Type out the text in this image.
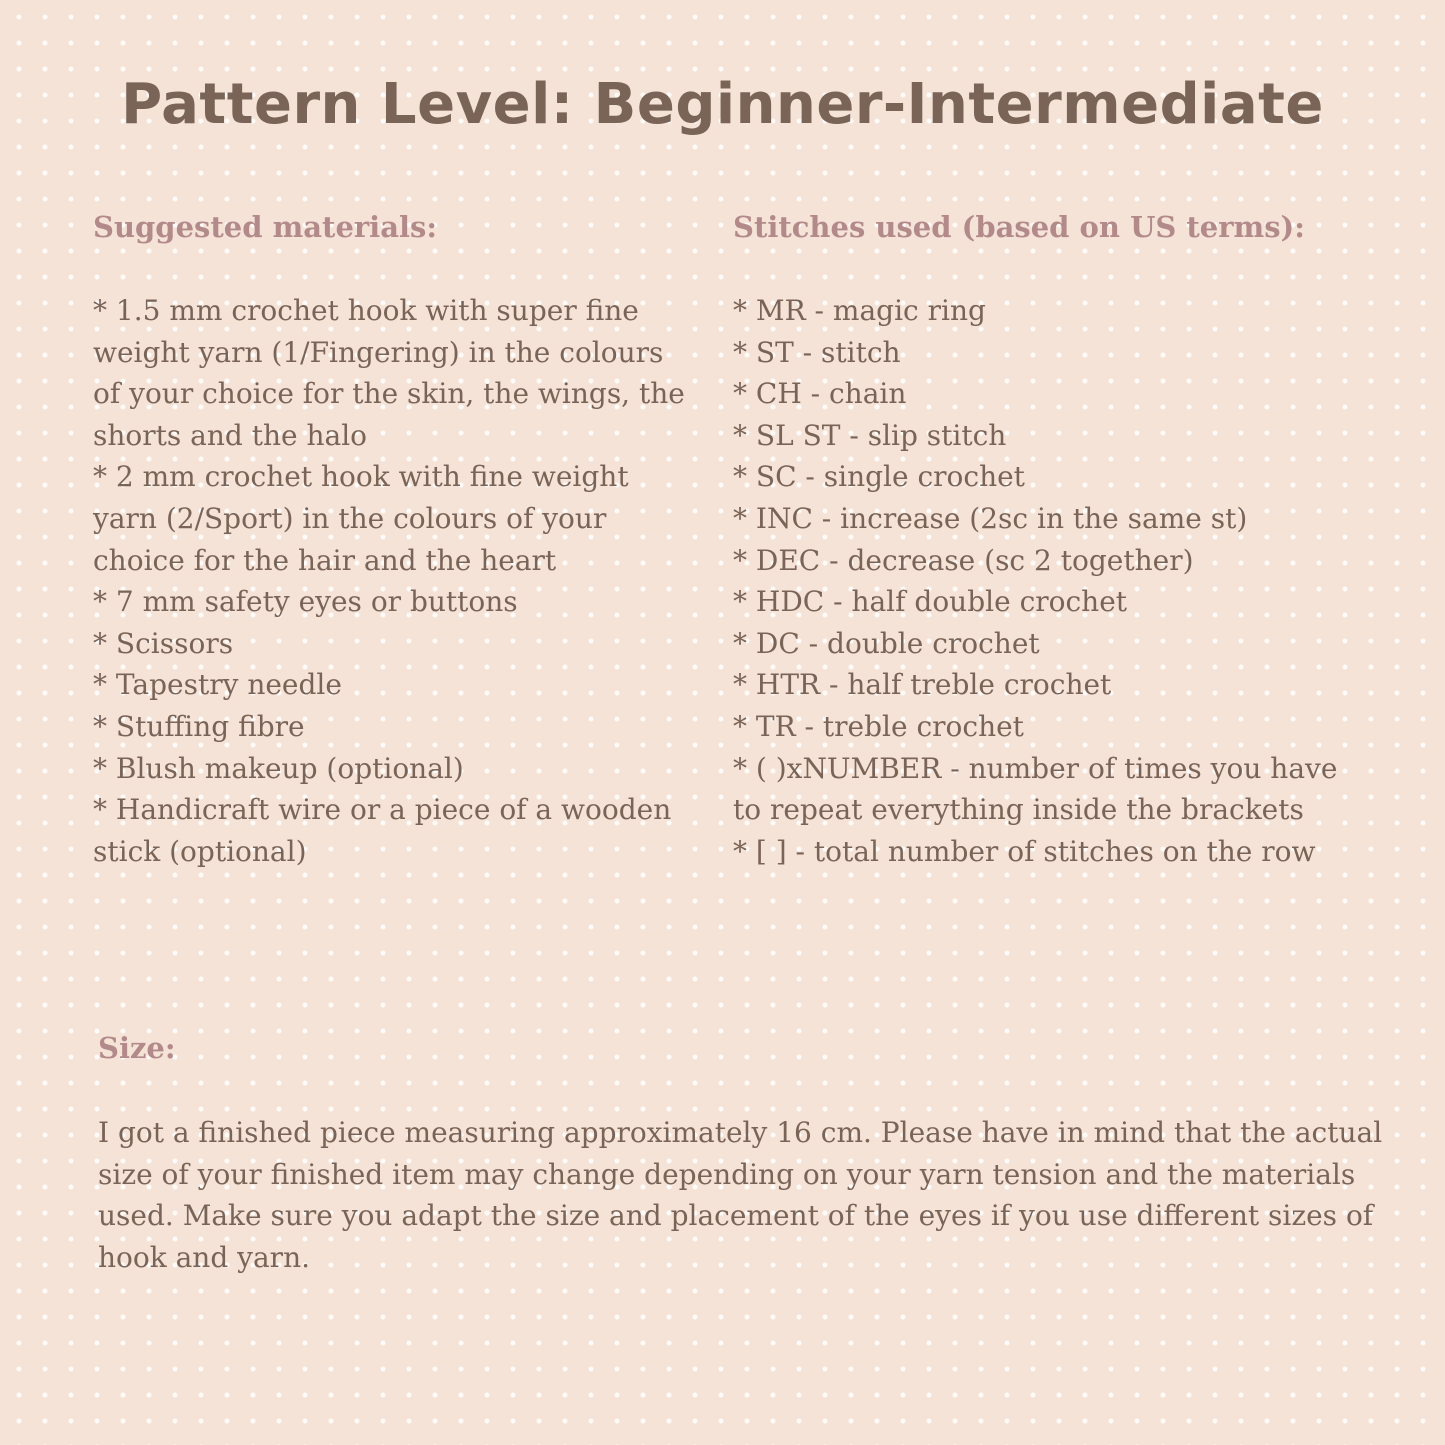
Pattern Level: Beginner-Intermediate
Suggested materials:
* 1.5 mm crochet hook with super fine weight yarn (1/Fingering) in the colours of your choice for the skin, the wings, the shorts and the halo
* 2 mm crochet hook with fine weight yarn (2/Sport) in the colours of your choice for the hair and the heart
* 7 mm safety eyes or buttons
* Scissors
* Tapestry needle
* Stuffing fibre
* Blush makeup (optional)
* Handicraft wire or a piece of a wooden stick (optional)
Stitches used (based on US terms):
* MR - magic ring
* ST - stitch
* CH - chain
* SL ST - slip stitch
* SC - single crochet
* INC - increase (2sc in the same st)
* DEC - decrease (sc 2 together)
* HDC - half double crochet
* DC - double crochet
* HTR - half treble crochet
* TR - treble crochet
* ( )xNUMBER - number of times you have to repeat everything inside the brackets
* [ ] - total number of stitches on the row
Size:

I got a finished piece measuring approximately 16 cm. Please have in mind that the actual size of your finished item may change depending on your yarn tension and the materials used. Make sure you adapt the size and placement of the eyes if you use different sizes of hook and yarn.
